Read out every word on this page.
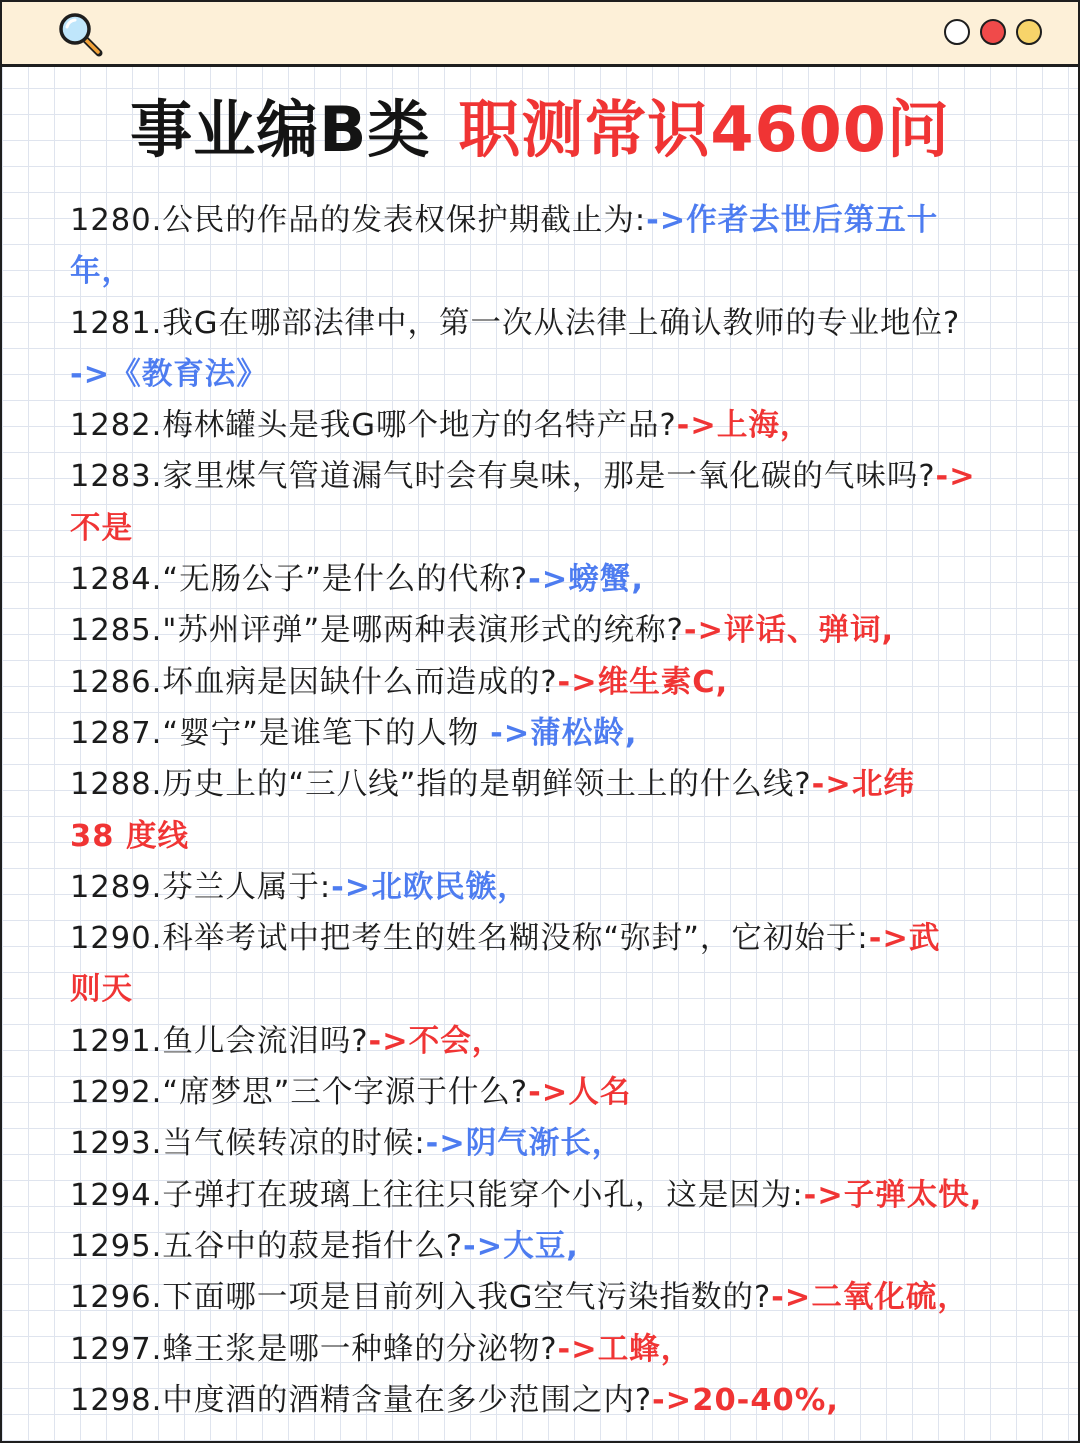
事业编B类 职测常识4600问
1280.公民的作品的发表权保护期截止为:->作者去世后第五十
年，
1281.我G在哪部法律中，第一次从法律上确认教师的专业地位?
->《教育法》
1282.梅林罐头是我G哪个地方的名特产品?->上海，
1283.家里煤气管道漏气时会有臭味，那是一氧化碳的气味吗?->
不是
1284.“无肠公子”是什么的代称?->螃蟹,
1285."苏州评弹”是哪两种表演形式的统称?->评话、弹词,
1286.坏血病是因缺什么而造成的?->维生素C,
1287.“婴宁”是谁笔下的人物 ->蒲松龄,
1288.历史上的“三八线”指的是朝鲜领土上的什么线?->北纬
38 度线
1289.芬兰人属于:->北欧民镞，
1290.科举考试中把考生的姓名糊没称“弥封”，它初始于:->武
则天
1291.鱼儿会流泪吗?->不会，
1292.“席梦思”三个字源于什么?->人名
1293.当气候转凉的时候:->阴气渐长，
1294.子弹打在玻璃上往往只能穿个小孔，这是因为:->子弹太快,
1295.五谷中的菽是指什么?->大豆,
1296.下面哪一项是目前列入我G空气污染指数的?->二氧化硫，
1297.蜂王浆是哪一种蜂的分泌物?->工蜂，
1298.中度酒的酒精含量在多少范围之内?->20-40%,
